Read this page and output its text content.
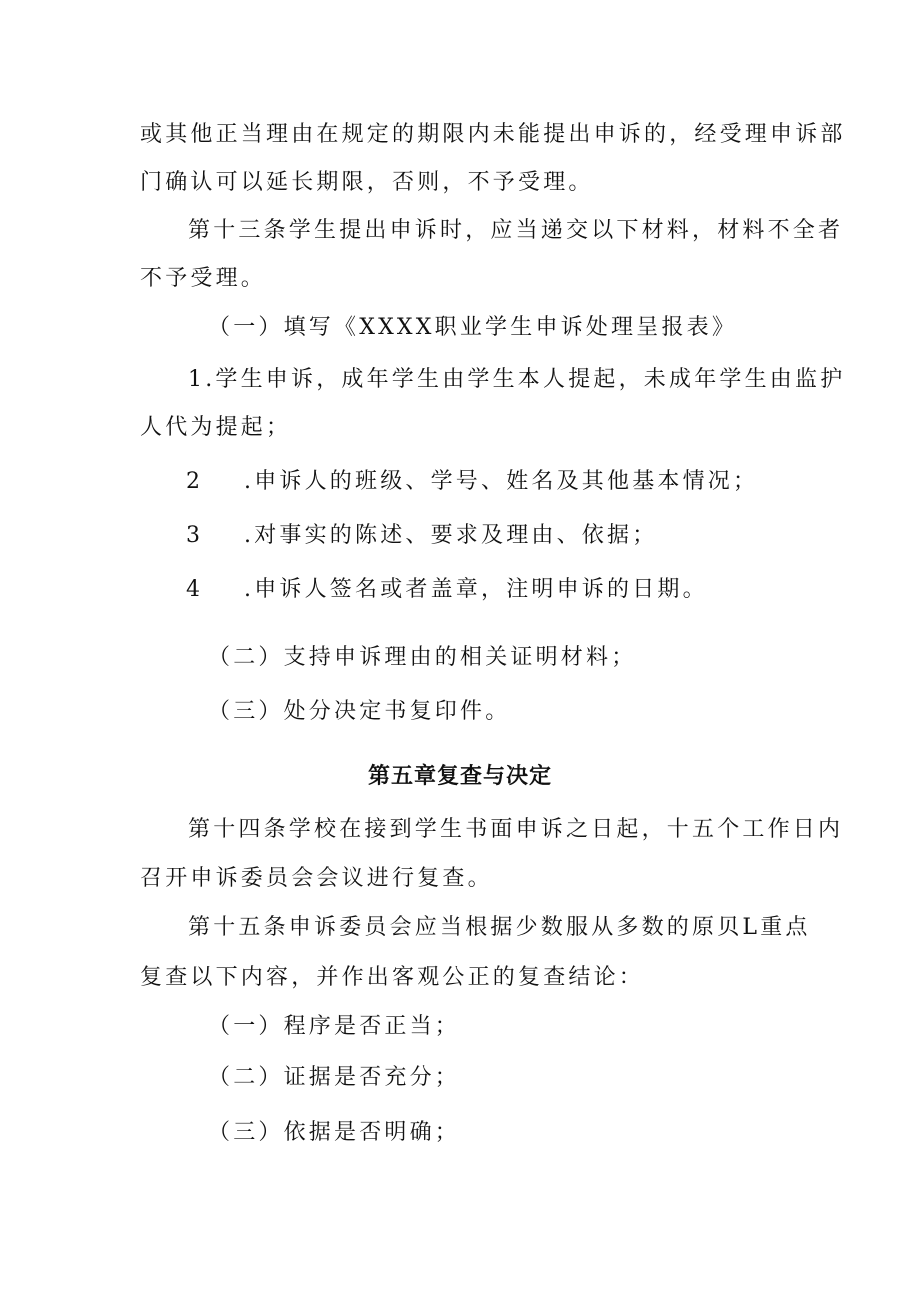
或其他正当理由在规定的期限内未能提出申诉的，经受理申诉部
门确认可以延长期限，否则，不予受理。
第十三条学生提出申诉时，应当递交以下材料，材料不全者
不予受理。
（一）填写《XXXX职业学生申诉处理呈报表》
1.学生申诉，成年学生由学生本人提起，未成年学生由监护
人代为提起；
2 .申诉人的班级、学号、姓名及其他基本情况；
3 .对事实的陈述、要求及理由、依据；
4 .申诉人签名或者盖章，注明申诉的日期。
（二）支持申诉理由的相关证明材料；
（三）处分决定书复印件。
第五章复查与决定
第十四条学校在接到学生书面申诉之日起，十五个工作日内
召开申诉委员会会议进行复查。
第十五条申诉委员会应当根据少数服从多数的原贝L重点
复查以下内容，并作出客观公正的复查结论：
（一）程序是否正当；
（二）证据是否充分；
（三）依据是否明确；
